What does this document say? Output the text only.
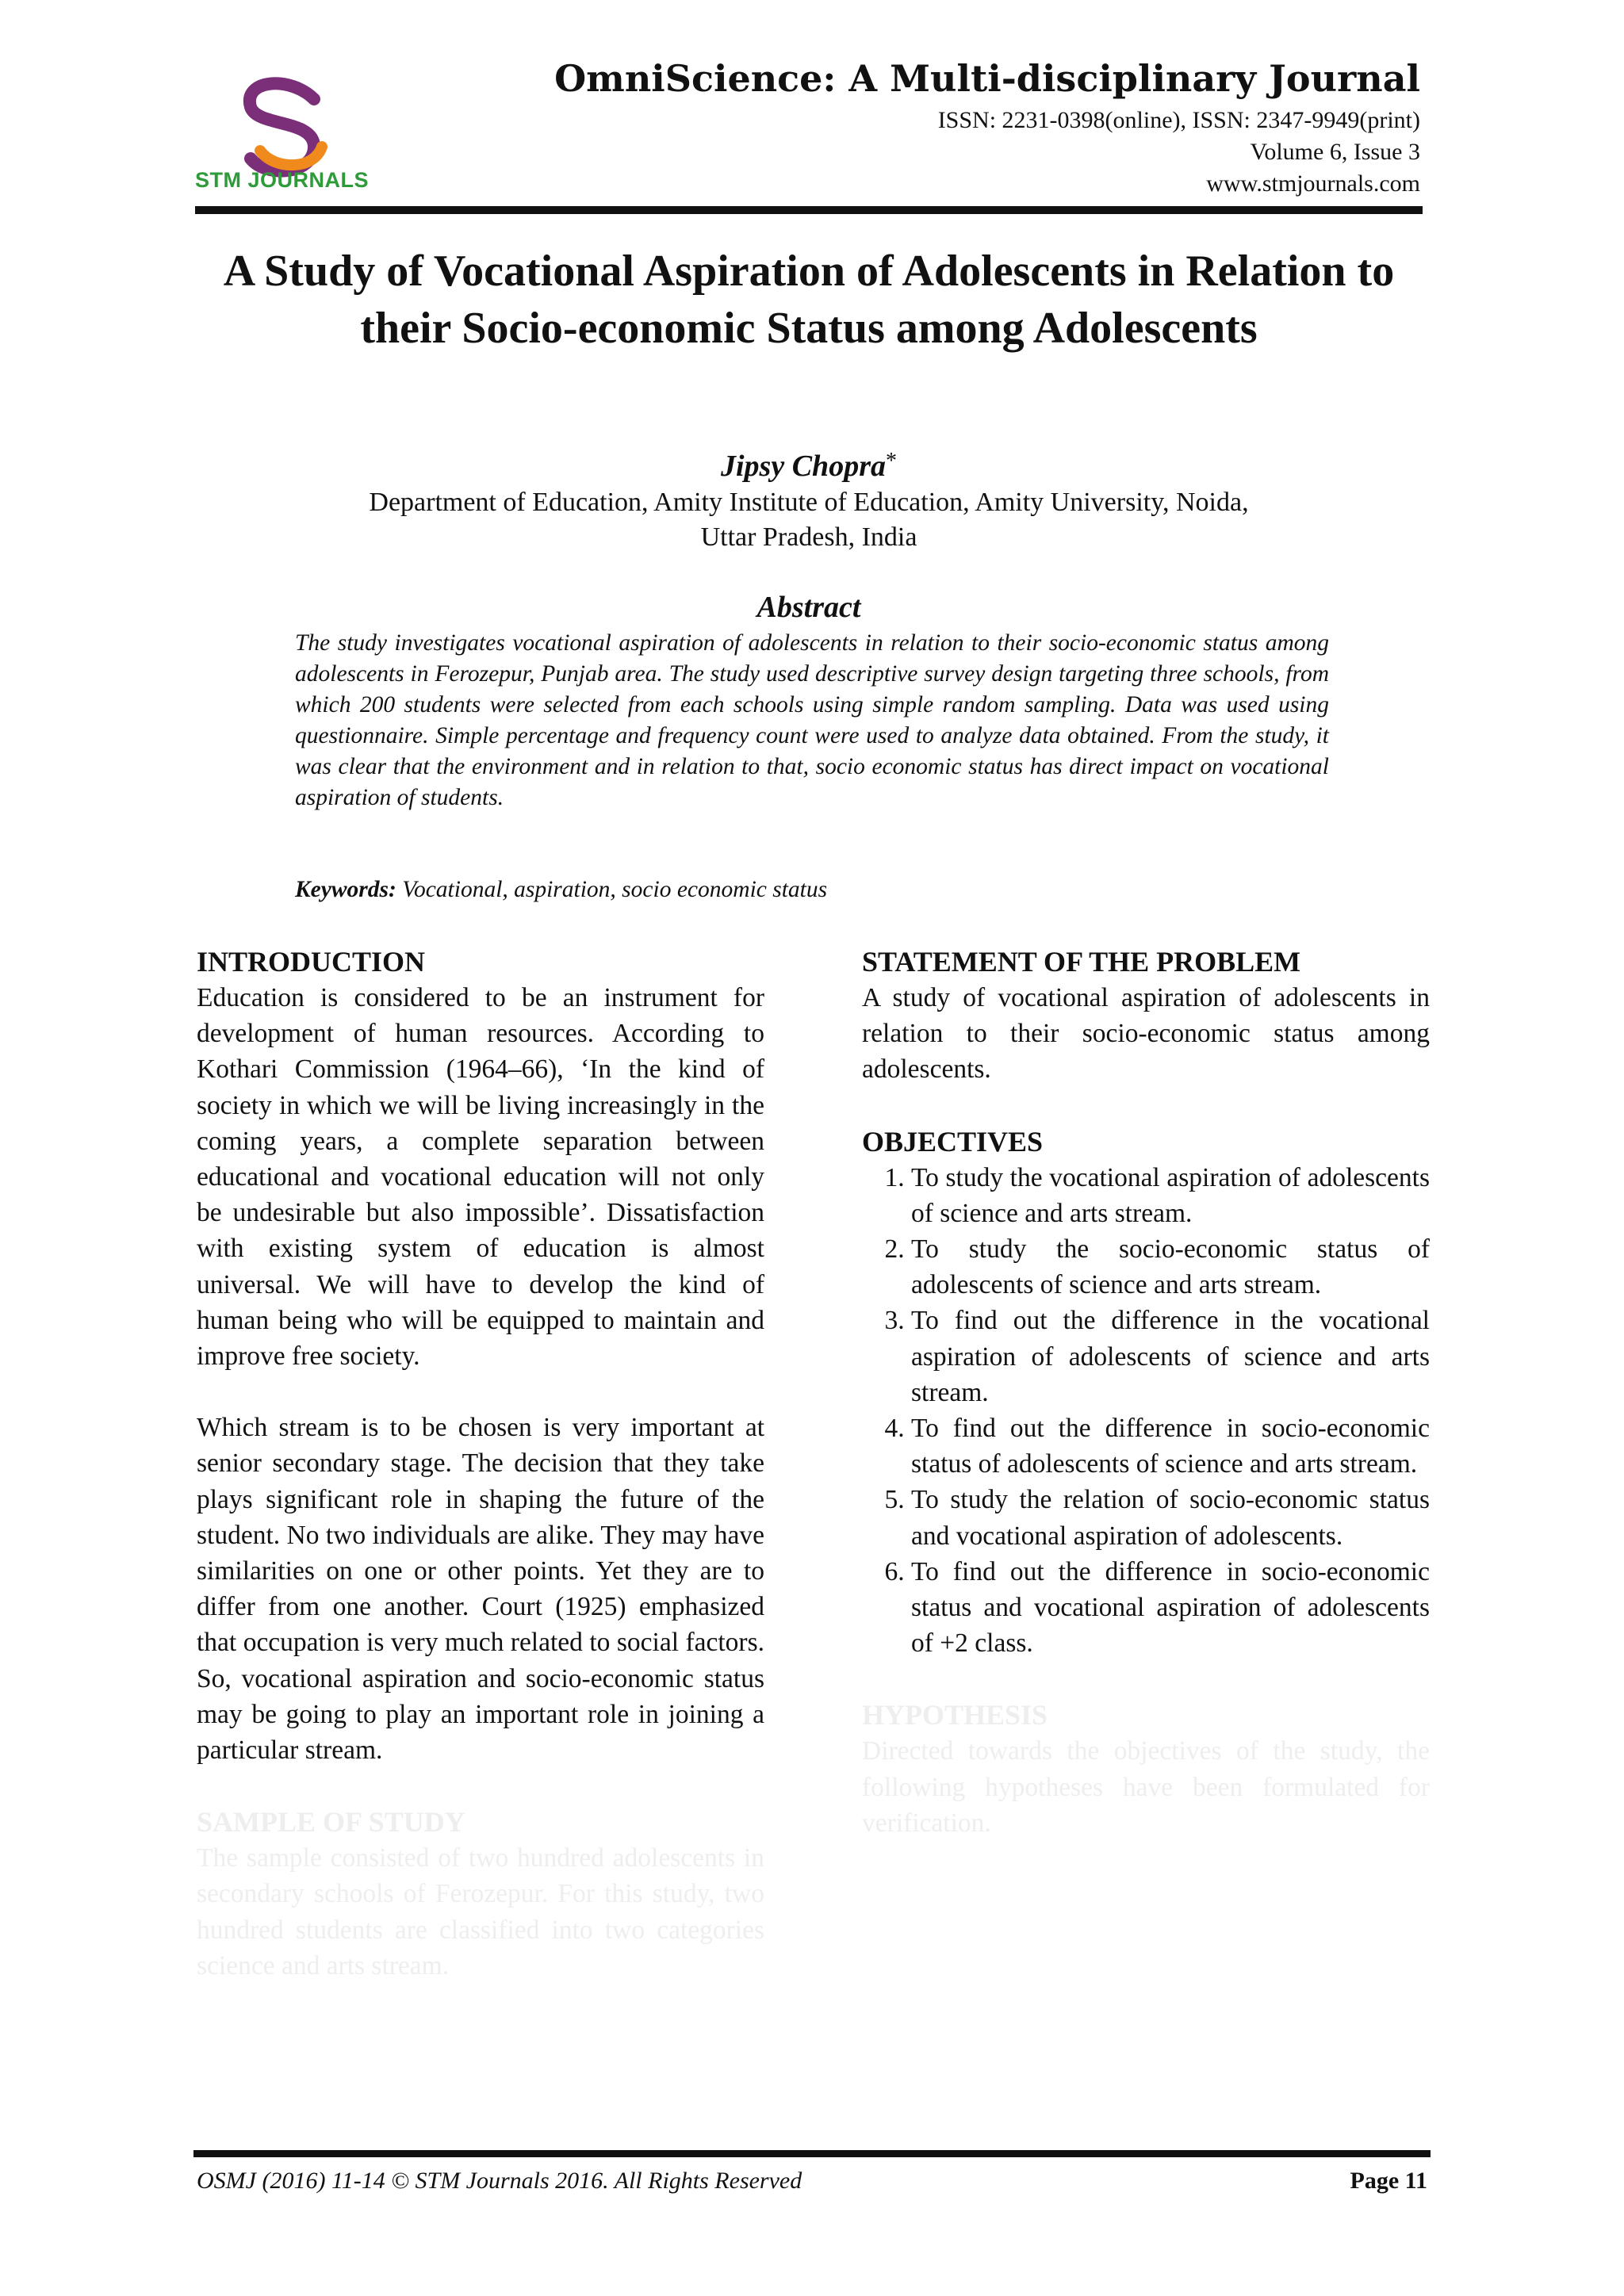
STM JOURNALS
OmniScience: A Multi-disciplinary Journal
ISSN: 2231-0398(online), ISSN: 2347-9949(print)
Volume 6, Issue 3
www.stmjournals.com
A Study of Vocational Aspiration of Adolescents in Relation to their Socio-economic Status among Adolescents
Jipsy Chopra*
Department of Education, Amity Institute of Education, Amity University, Noida,
Uttar Pradesh, India
Abstract
The study investigates vocational aspiration of adolescents in relation to their socio-economic status among adolescents in Ferozepur, Punjab area. The study used descriptive survey design targeting three schools, from which 200 students were selected from each schools using simple random sampling. Data was used using questionnaire. Simple percentage and frequency count were used to analyze data obtained. From the study, it was clear that the environment and in relation to that, socio economic status has direct impact on vocational aspiration of students.
Keywords: Vocational, aspiration, socio economic status
INTRODUCTION

Education is considered to be an instrument for development of human resources. According to Kothari Commission (1964–66), ‘In the kind of society in which we will be living increasingly in the coming years, a complete separation between educational and vocational education will not only be undesirable but also impossible’. Dissatisfaction with existing system of education is almost universal. We will have to develop the kind of human being who will be equipped to maintain and improve free society.

Which stream is to be chosen is very important at senior secondary stage. The decision that they take plays significant role in shaping the future of the student. No two individuals are alike. They may have similarities on one or other points. Yet they are to differ from one another. Court (1925) emphasized that occupation is very much related to social factors. So, vocational aspiration and socio-economic status may be going to play an important role in joining a particular stream.

SAMPLE OF STUDY

The sample consisted of two hundred adolescents in secondary schools of Ferozepur. For this study, two hundred students are classified into two categories science and arts stream.

STATEMENT OF THE PROBLEM

A study of vocational aspiration of adolescents in relation to their socio-economic status among adolescents.

OBJECTIVES
1. To study the vocational aspiration of adolescents of science and arts stream.
2. To study the socio-economic status of adolescents of science and arts stream.
3. To find out the difference in the vocational aspiration of adolescents of science and arts stream.
4. To find out the difference in socio-economic status of adolescents of science and arts stream.
5. To study the relation of socio-economic status and vocational aspiration of adolescents.
6. To find out the difference in socio-economic status and vocational aspiration of adolescents of +2 class.
HYPOTHESIS

Directed towards the objectives of the study, the following hypotheses have been formulated for verification.

OSMJ (2016) 11-14 © STM Journals 2016. All Rights Reserved	Page 11
